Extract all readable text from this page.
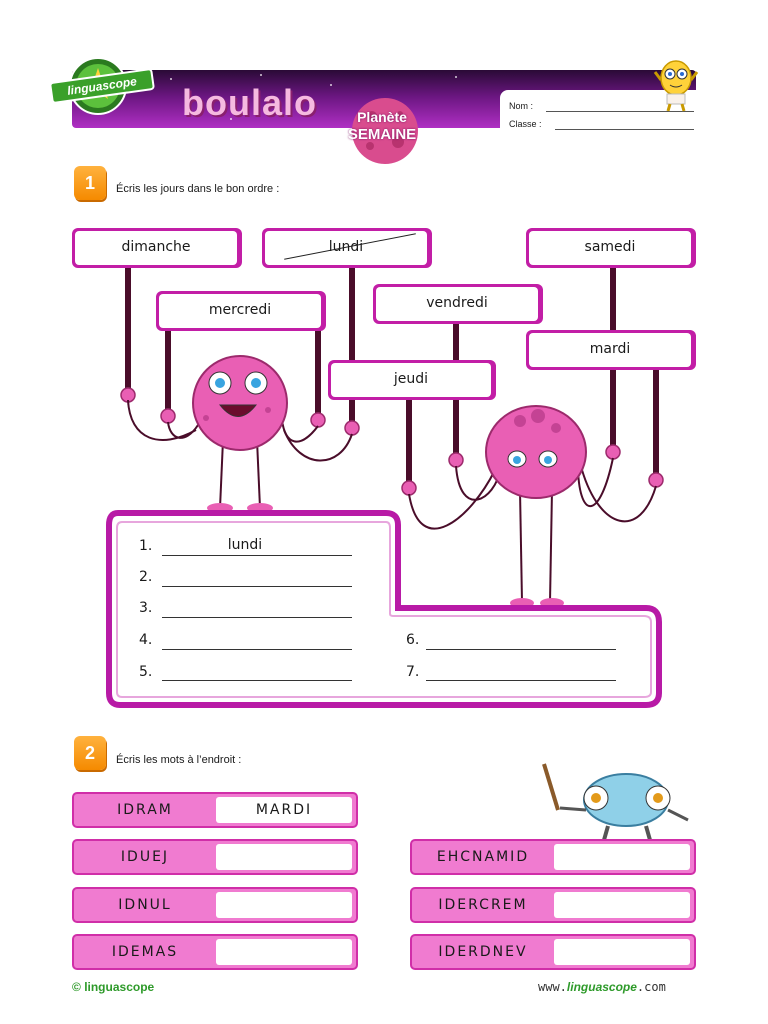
linguascope	boulalo	Planète
SEMAINE
Nom :
Classe :
1	Écris les jours dans le bon ordre :
dimanche	lundi	samedi
mercredi	vendredi
mardi
jeudi
1.	lundi
2.
3.
4.
5.
6.
7.
2	Écris les mots à l’endroit :
IDRAM	MARDI
IDUEJ
IDNUL
IDEMAS
EHCNAMID
IDERCREM
IDERDNEV
© linguascope	www.linguascope.com
